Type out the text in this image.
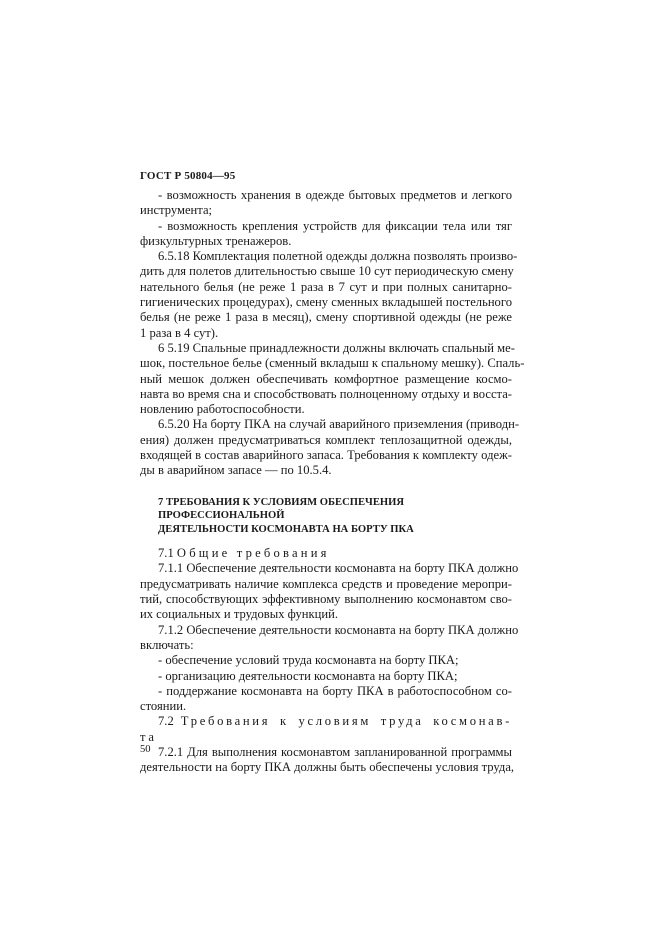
ГОСТ Р 50804—95

- возможность хранения в одежде бытовых предметов и легкого
инструмента;

- возможность крепления устройств для фиксации тела или тяг
физкультурных тренажеров.

6.5.18 Комплектация полетной одежды должна позволять произво-
дить для полетов длительностью свыше 10 сут периодическую смену
нательного белья (не реже 1 раза в 7 сут и при полных санитарно-
гигиенических процедурах), смену сменных вкладышей постельного
белья (не реже 1 раза в месяц), смену спортивной одежды (не реже
1 раза в 4 сут).

6 5.19 Спальные принадлежности должны включать спальный ме-
шок, постельное белье (сменный вкладыш к спальному мешку). Спаль-
ный мешок должен обеспечивать комфортное размещение космо-
навта во время сна и способствовать полноценному отдыху и восста-
новлению работоспособности.

6.5.20 На борту ПКА на случай аварийного приземления (приводн-
ения) должен предусматриваться комплект теплозащитной одежды,
входящей в состав аварийного запаса. Требования к комплекту одеж-
ды в аварийном запасе — по 10.5.4.

7 ТРЕБОВАНИЯ К УСЛОВИЯМ ОБЕСПЕЧЕНИЯ ПРОФЕССИОНАЛЬНОЙ
ДЕЯТЕЛЬНОСТИ КОСМОНАВТА НА БОРТУ ПКА

7.1 Общие требования

7.1.1 Обеспечение деятельности космонавта на борту ПКА должно
предусматривать наличие комплекса средств и проведение меропри-
тий, способствующих эффективному выполнению космонавтом сво-
их социальных и трудовых функций.

7.1.2 Обеспечение деятельности космонавта на борту ПКА должно
включать:

- обеспечение условий труда космонавта на борту ПКА;
- организацию деятельности космонавта на борту ПКА;
- поддержание космонавта на борту ПКА в работоспособном со-
стоянии.

7.2 Требования к условиям труда космонав-
та

7.2.1 Для выполнения космонавтом запланированной программы
деятельности на борту ПКА должны быть обеспечены условия труда,

50
